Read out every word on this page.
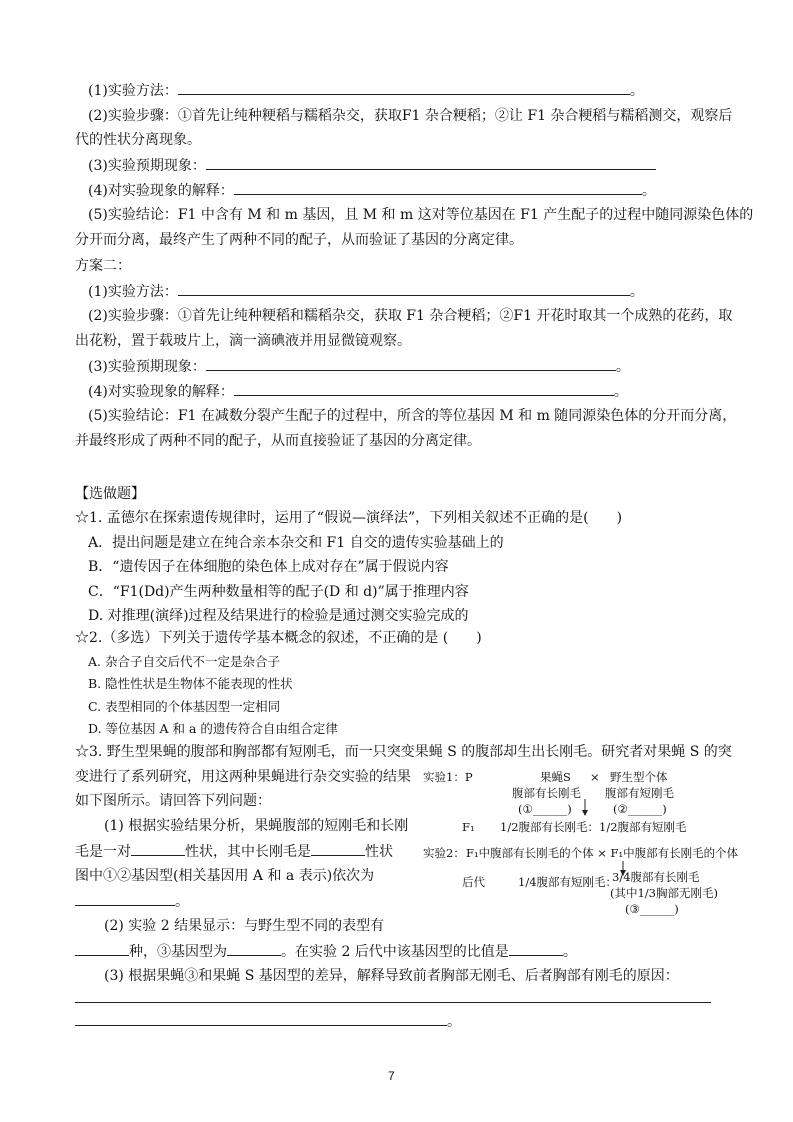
(1)实验方法：	。
(2)实验步骤：①首先让纯种粳稻与糯稻杂交，获取F1 杂合粳稻；②让 F1 杂合粳稻与糯稻测交，观察后
代的性状分离现象。
(3)实验预期现象：
(4)对实验现象的解释：	。
(5)实验结论：F1 中含有 M 和 m 基因，且 M 和 m 这对等位基因在 F1 产生配子的过程中随同源染色体的
分开而分离，最终产生了两种不同的配子，从而验证了基因的分离定律。
方案二：
(1)实验方法：	。
(2)实验步骤：①首先让纯种粳稻和糯稻杂交，获取 F1 杂合粳稻；②F1 开花时取其一个成熟的花药，取
出花粉，置于载玻片上，滴一滴碘液并用显微镜观察。
(3)实验预期现象：	。
(4)对实验现象的解释：	。
(5)实验结论：F1 在减数分裂产生配子的过程中，所含的等位基因 M 和 m 随同源染色体的分开而分离，
并最终形成了两种不同的配子，从而直接验证了基因的分离定律。
【选做题】
☆1. 孟德尔在探索遗传规律时，运用了“假说—演绎法”，下列相关叙述不正确的是(　　)
A．提出问题是建立在纯合亲本杂交和 F1 自交的遗传实验基础上的
B．“遗传因子在体细胞的染色体上成对存在”属于假说内容
C．“F1(Dd)产生两种数量相等的配子(D 和 d)”属于推理内容
D. 对推理(演绎)过程及结果进行的检验是通过测交实验完成的
☆2.（多选）下列关于遗传学基本概念的叙述，不正确的是 (　　)
A. 杂合子自交后代不一定是杂合子
B. 隐性性状是生物体不能表现的性状
C. 表型相同的个体基因型一定相同
D. 等位基因 A 和 a 的遗传符合自由组合定律
☆3. 野生型果蝇的腹部和胸部都有短刚毛，而一只突变果蝇 S 的腹部却生出长刚毛。研究者对果蝇 S 的突
变进行了系列研究，用这两种果蝇进行杂交实验的结果
如下图所示。请回答下列问题：
(1) 根据实验结果分析，果蝇腹部的短刚毛和长刚
毛是一对	性状，其中长刚毛是	性状
图中①②基因型(相关基因用 A 和 a 表示)依次为
。
(2) 实验 2 结果显示：与野生型不同的表型有
种，③基因型为	。在实验 2 后代中该基因型的比值是	。
(3) 根据果蝇③和果蝇 S 基因型的差异，解释导致前者胸部无刚毛、后者胸部有刚毛的原因：
。
实验1：P	果蝇S × 野生型个体
腹部有长刚毛 腹部有短刚毛
(①______)	(②______)
F₁ 1/2腹部有长刚毛：1/2腹部有短刚毛
实验2： F₁中腹部有长刚毛的个体 × F₁中腹部有长刚毛的个体
后代	1/4腹部有短刚毛：
3/4腹部有长刚毛
(其中1/3胸部无刚毛)
(③______)
7
